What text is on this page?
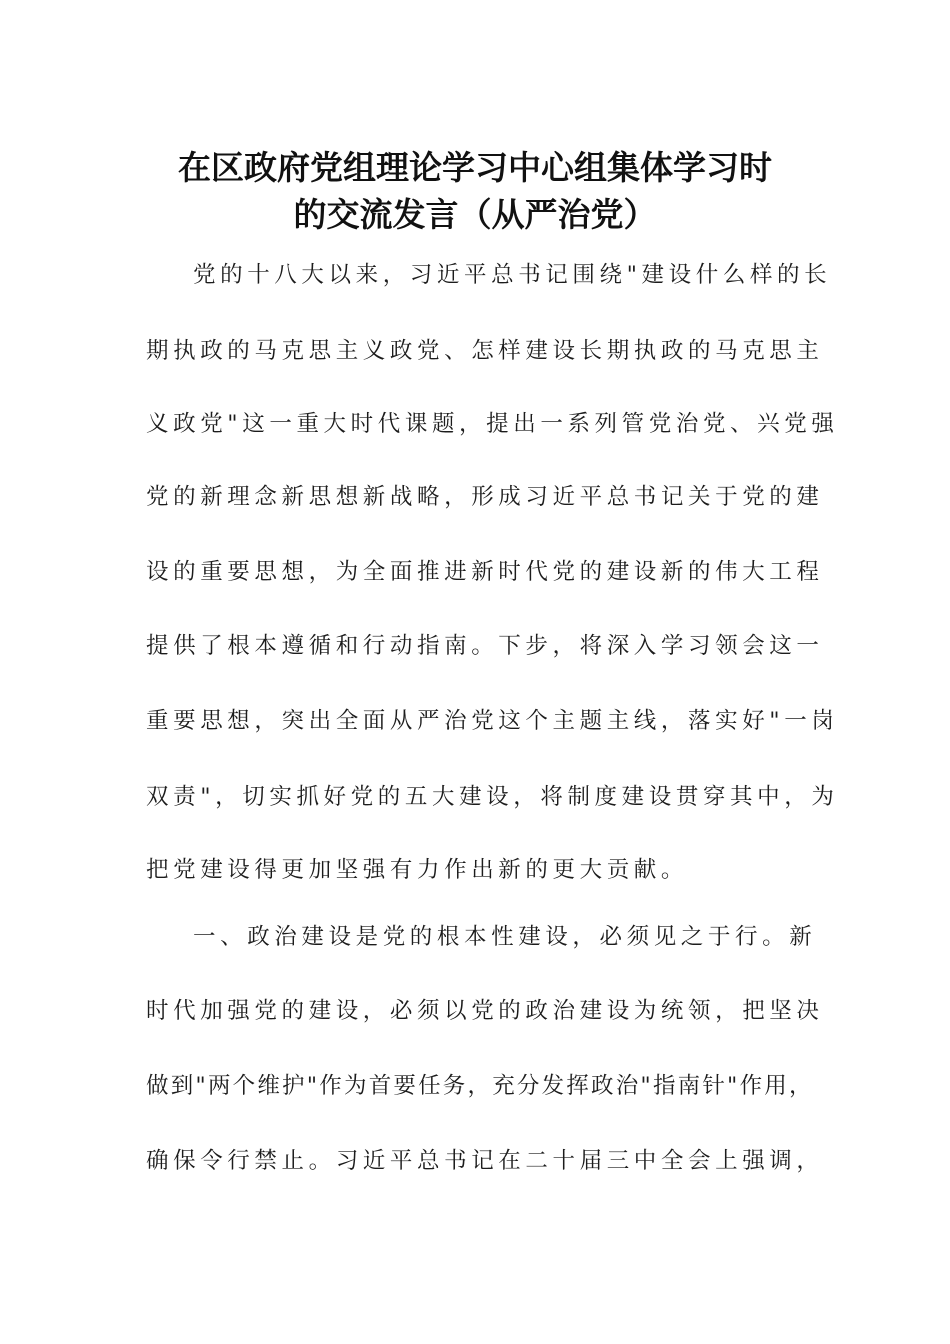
在区政府党组理论学习中心组集体学习时
的交流发言（从严治党）
党的十八大以来，习近平总书记围绕"建设什么样的长
期执政的马克思主义政党、怎样建设长期执政的马克思主
义政党"这一重大时代课题，提出一系列管党治党、兴党强
党的新理念新思想新战略，形成习近平总书记关于党的建
设的重要思想，为全面推进新时代党的建设新的伟大工程
提供了根本遵循和行动指南。下步，将深入学习领会这一
重要思想，突出全面从严治党这个主题主线，落实好"一岗
双责"，切实抓好党的五大建设，将制度建设贯穿其中，为
把党建设得更加坚强有力作出新的更大贡献。
一、政治建设是党的根本性建设，必须见之于行。新
时代加强党的建设，必须以党的政治建设为统领，把坚决
做到"两个维护"作为首要任务，充分发挥政治"指南针"作用，
确保令行禁止。习近平总书记在二十届三中全会上强调，
